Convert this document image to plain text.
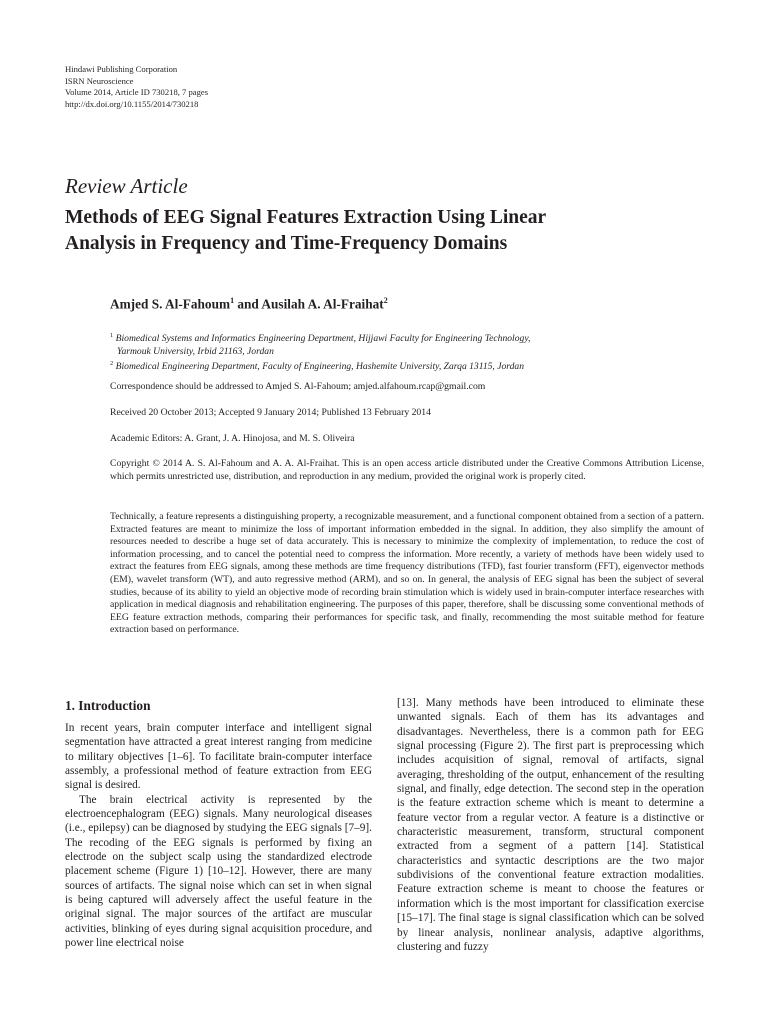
Hindawi Publishing Corporation
ISRN Neuroscience
Volume 2014, Article ID 730218, 7 pages
http://dx.doi.org/10.1155/2014/730218
Review Article
Methods of EEG Signal Features Extraction Using Linear
Analysis in Frequency and Time-Frequency Domains
Amjed S. Al-Fahoum$^1$ and Ausilah A. Al-Fraihat$^2$
$^1$ Biomedical Systems and Informatics Engineering Department, Hijjawi Faculty for Engineering Technology,
Yarmouk University, Irbid 21163, Jordan
$^2$ Biomedical Engineering Department, Faculty of Engineering, Hashemite University, Zarqa 13115, Jordan
Correspondence should be addressed to Amjed S. Al-Fahoum; amjed.alfahoum.rcap@gmail.com
Received 20 October 2013; Accepted 9 January 2014; Published 13 February 2014
Academic Editors: A. Grant, J. A. Hinojosa, and M. S. Oliveira
Copyright © 2014 A. S. Al-Fahoum and A. A. Al-Fraihat. This is an open access article distributed under the Creative Commons Attribution License, which permits unrestricted use, distribution, and reproduction in any medium, provided the original work is properly cited.
Technically, a feature represents a distinguishing property, a recognizable measurement, and a functional component obtained from a section of a pattern. Extracted features are meant to minimize the loss of important information embedded in the signal. In addition, they also simplify the amount of resources needed to describe a huge set of data accurately. This is necessary to minimize the complexity of implementation, to reduce the cost of information processing, and to cancel the potential need to compress the information. More recently, a variety of methods have been widely used to extract the features from EEG signals, among these methods are time frequency distributions (TFD), fast fourier transform (FFT), eigenvector methods (EM), wavelet transform (WT), and auto regressive method (ARM), and so on. In general, the analysis of EEG signal has been the subject of several studies, because of its ability to yield an objective mode of recording brain stimulation which is widely used in brain-computer interface researches with application in medical diagnosis and rehabilitation engineering. The purposes of this paper, therefore, shall be discussing some conventional methods of EEG feature extraction methods, comparing their performances for specific task, and finally, recommending the most suitable method for feature extraction based on performance.
1. Introduction

In recent years, brain computer interface and intelligent signal segmentation have attracted a great interest ranging from medicine to military objectives [1–6]. To facilitate brain-computer interface assembly, a professional method of feature extraction from EEG signal is desired.

The brain electrical activity is represented by the electroencephalogram (EEG) signals. Many neurological diseases (i.e., epilepsy) can be diagnosed by studying the EEG signals [7–9]. The recoding of the EEG signals is performed by fixing an electrode on the subject scalp using the standardized electrode placement scheme (Figure 1) [10–12]. However, there are many sources of artifacts. The signal noise which can set in when signal is being captured will adversely affect the useful feature in the original signal. The major sources of the artifact are muscular activities, blinking of eyes during signal acquisition procedure, and power line electrical noise

[13]. Many methods have been introduced to eliminate these unwanted signals. Each of them has its advantages and disadvantages. Nevertheless, there is a common path for EEG signal processing (Figure 2). The first part is preprocessing which includes acquisition of signal, removal of artifacts, signal averaging, thresholding of the output, enhancement of the resulting signal, and finally, edge detection. The second step in the operation is the feature extraction scheme which is meant to determine a feature vector from a regular vector. A feature is a distinctive or characteristic measurement, transform, structural component extracted from a segment of a pattern [14]. Statistical characteristics and syntactic descriptions are the two major subdivisions of the conventional feature extraction modalities. Feature extraction scheme is meant to choose the features or information which is the most important for classification exercise [15–17]. The final stage is signal classification which can be solved by linear analysis, nonlinear analysis, adaptive algorithms, clustering and fuzzy
